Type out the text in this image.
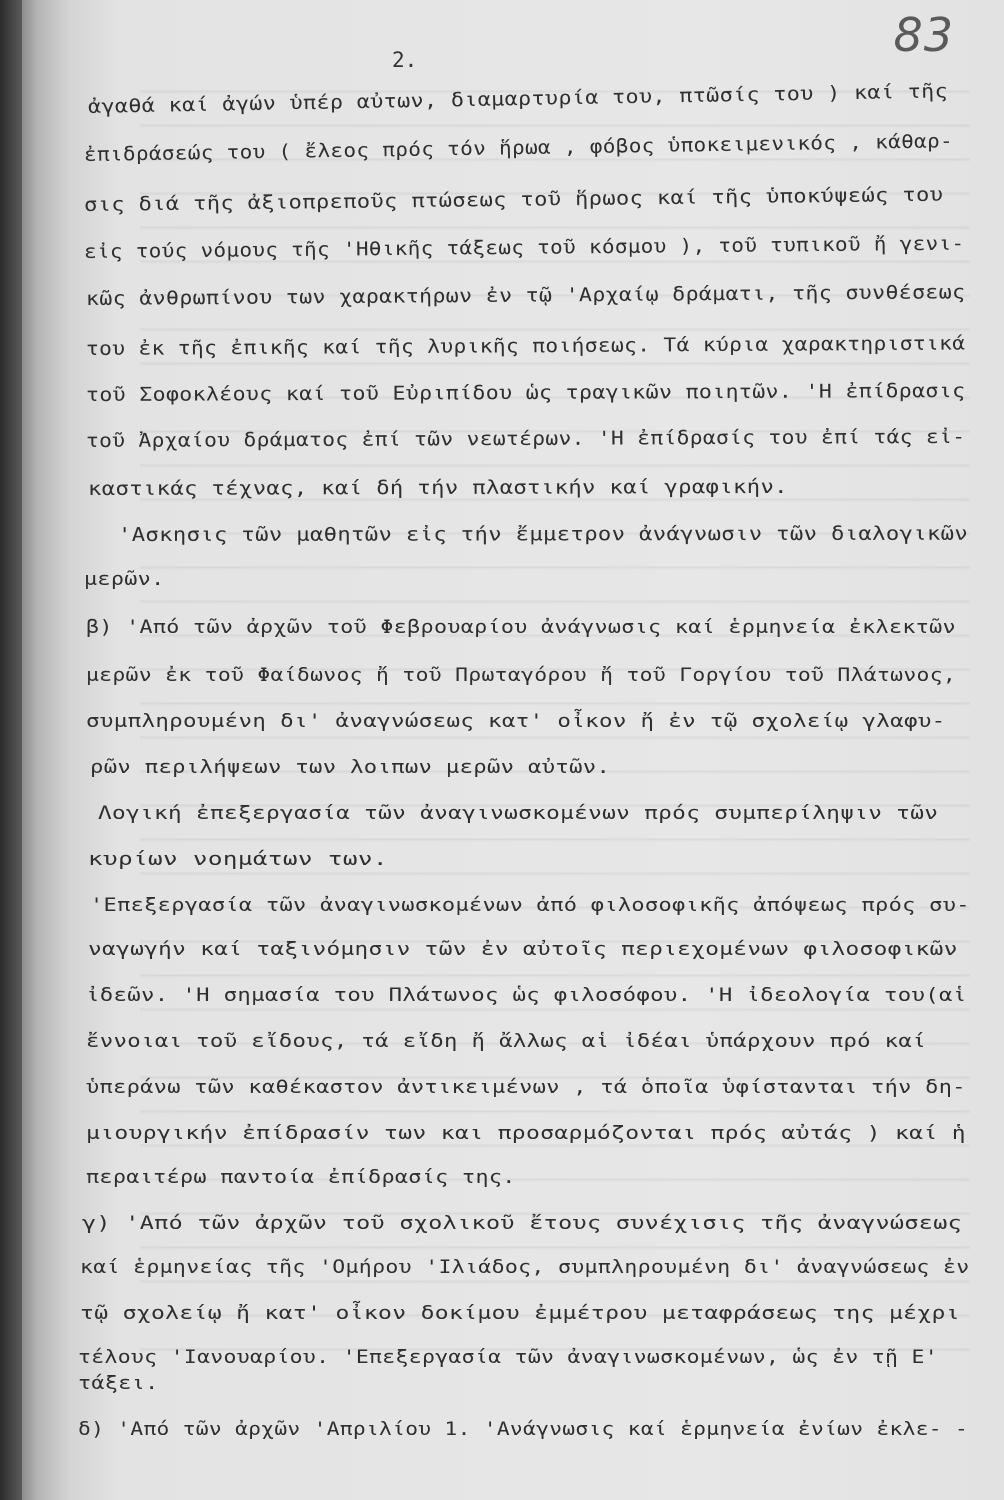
83
2.
ἀγαθά καί ἀγών ὑπέρ αὐτων, διαμαρτυρία του, πτῶσίς του ) καί τῆς
ἐπιδράσεώς του ( ἔλεος πρός τόν ἥρωα , φόβος ὑποκειμενικός , κάθαρ-
σις διά τῆς ἀξιοπρεποῦς πτώσεως τοῦ ἥρωος καί τῆς ὑποκύψεώς του
εἰς τούς νόμους τῆς 'Ηθικῆς τάξεως τοῦ κόσμου ), τοῦ τυπικοῦ ἤ γενι-
κῶς ἀνθρωπίνου των χαρακτήρων ἐν τῷ 'Αρχαίῳ δράματι, τῆς συνθέσεως
του ἐκ τῆς ἐπικῆς καί τῆς λυρικῆς ποιήσεως. Τά κύρια χαρακτηριστικά
τοῦ Σοφοκλέους καί τοῦ Εὐριπίδου ὡς τραγικῶν ποιητῶν. 'Η ἐπίδρασις
τοῦ Ἀρχαίου δράματος ἐπί τῶν νεωτέρων. 'Η ἐπίδρασίς του ἐπί τάς εἰ-
καστικάς τέχνας, καί δή τήν πλαστικήν καί γραφικήν.
'Ασκησις τῶν μαθητῶν εἰς τήν ἔμμετρον ἀνάγνωσιν τῶν διαλογικῶν
μερῶν.
β) 'Από τῶν ἀρχῶν τοῦ Φεβρουαρίου ἀνάγνωσις καί ἑρμηνεία ἐκλεκτῶν
μερῶν ἐκ τοῦ Φαίδωνος ἤ τοῦ Πρωταγόρου ἤ τοῦ Γοργίου τοῦ Πλάτωνος,
συμπληρουμένη δι' ἀναγνώσεως κατ' οἶκον ἤ ἐν τῷ σχολείῳ γλαφυ-
ρῶν περιλήψεων των λοιπων μερῶν αὐτῶν.
Λογική ἐπεξεργασία τῶν ἀναγινωσκομένων πρός συμπερίληψιν τῶν
κυρίων νοημάτων των.
'Επεξεργασία τῶν ἀναγινωσκομένων ἀπό φιλοσοφικῆς ἀπόψεως πρός συ-
ναγωγήν καί ταξινόμησιν τῶν ἐν αὐτοῖς περιεχομένων φιλοσοφικῶν
ἰδεῶν. 'Η σημασία του Πλάτωνος ὡς φιλοσόφου. 'Η ἰδεολογία του(αἱ
ἔννοιαι τοῦ εἴδους, τά εἴδη ἤ ἄλλως αἱ ἰδέαι ὑπάρχουν πρό καί
ὑπεράνω τῶν καθέκαστον ἀντικειμένων , τά ὁποῖα ὑφίστανται τήν δη-
μιουργικήν ἐπίδρασίν των και προσαρμόζονται πρός αὐτάς ) καί ἡ
περαιτέρω παντοία ἐπίδρασίς της.
γ) 'Από τῶν ἀρχῶν τοῦ σχολικοῦ ἔτους συνέχισις τῆς ἀναγνώσεως
καί ἑρμηνείας τῆς 'Ομήρου 'Ιλιάδος, συμπληρουμένη δι' ἀναγνώσεως ἐν
τῷ σχολείῳ ἤ κατ' οἶκον δοκίμου ἐμμέτρου μεταφράσεως της μέχρι
τέλους 'Ιανουαρίου. 'Επεξεργασία τῶν ἀναγινωσκομένων, ὡς ἐν τῇ Ε'
τάξει.
δ) 'Από τῶν ἀρχῶν 'Απριλίου 1. 'Ανάγνωσις καί ἑρμηνεία ἐνίων ἐκλε- -
